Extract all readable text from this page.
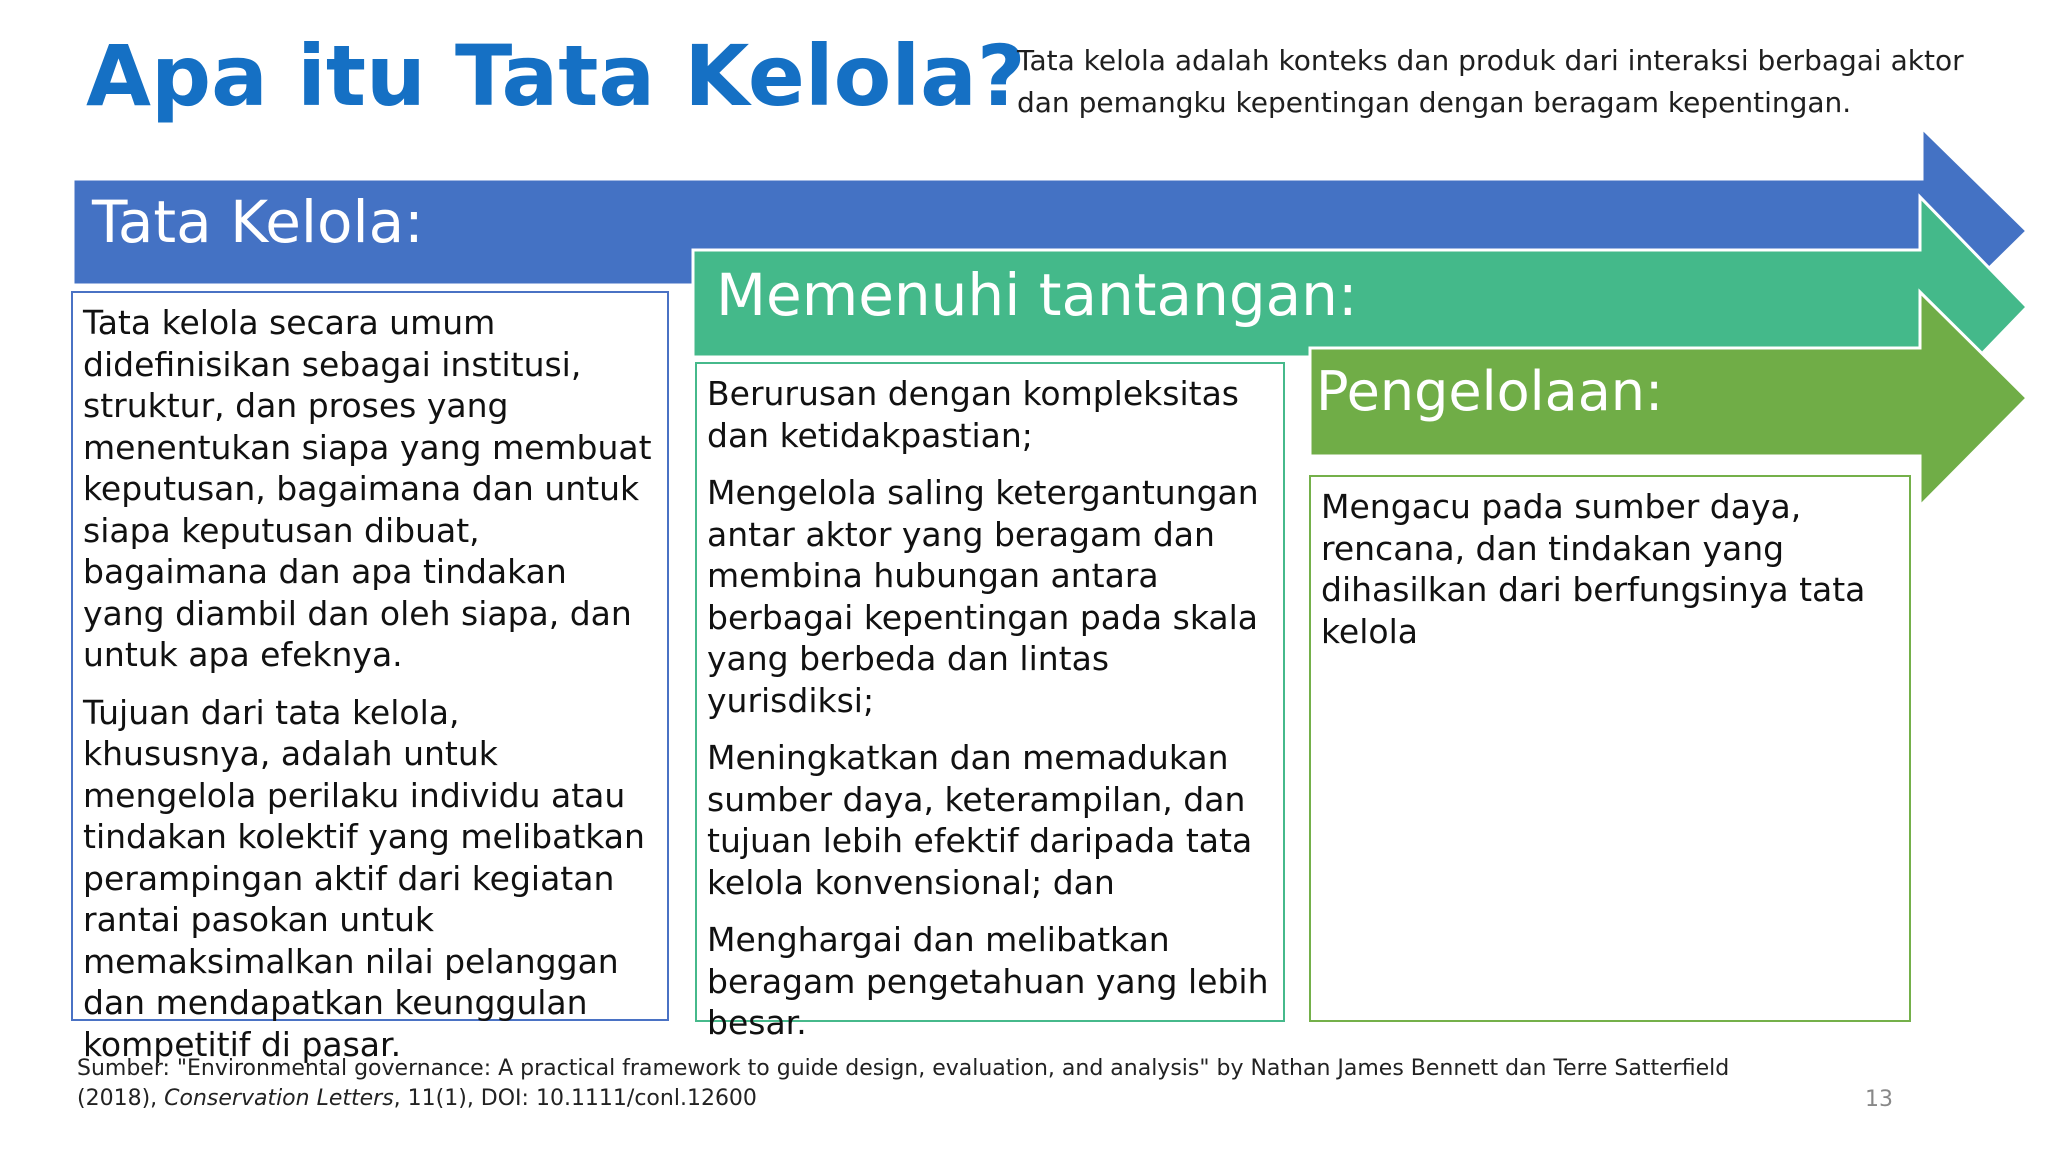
Apa itu Tata Kelola?
Tata kelola adalah konteks dan produk dari interaksi berbagai aktor dan pemangku kepentingan dengan beragam kepentingan.
Tata Kelola:
Memenuhi tantangan:
Pengelolaan:

Tata kelola secara umum didefinisikan sebagai institusi, struktur, dan proses yang menentukan siapa yang membuat keputusan, bagaimana dan untuk siapa keputusan dibuat, bagaimana dan apa tindakan yang diambil dan oleh siapa, dan untuk apa efeknya.

Tujuan dari tata kelola, khususnya, adalah untuk mengelola perilaku individu atau tindakan kolektif yang melibatkan perampingan aktif dari kegiatan rantai pasokan untuk memaksimalkan nilai pelanggan dan mendapatkan keunggulan kompetitif di pasar.

Berurusan dengan kompleksitas dan ketidakpastian;

Mengelola saling ketergantungan antar aktor yang beragam dan membina hubungan antara berbagai kepentingan pada skala yang berbeda dan lintas yurisdiksi;

Meningkatkan dan memadukan sumber daya, keterampilan, dan tujuan lebih efektif daripada tata kelola konvensional; dan

Menghargai dan melibatkan beragam pengetahuan yang lebih besar.

Mengacu pada sumber daya, rencana, dan tindakan yang dihasilkan dari berfungsinya tata kelola

Sumber: "Environmental governance: A practical framework to guide design, evaluation, and analysis" by Nathan James Bennett dan Terre Satterfield (2018), Conservation Letters, 11(1), DOI: 10.1111/conl.12600	13
